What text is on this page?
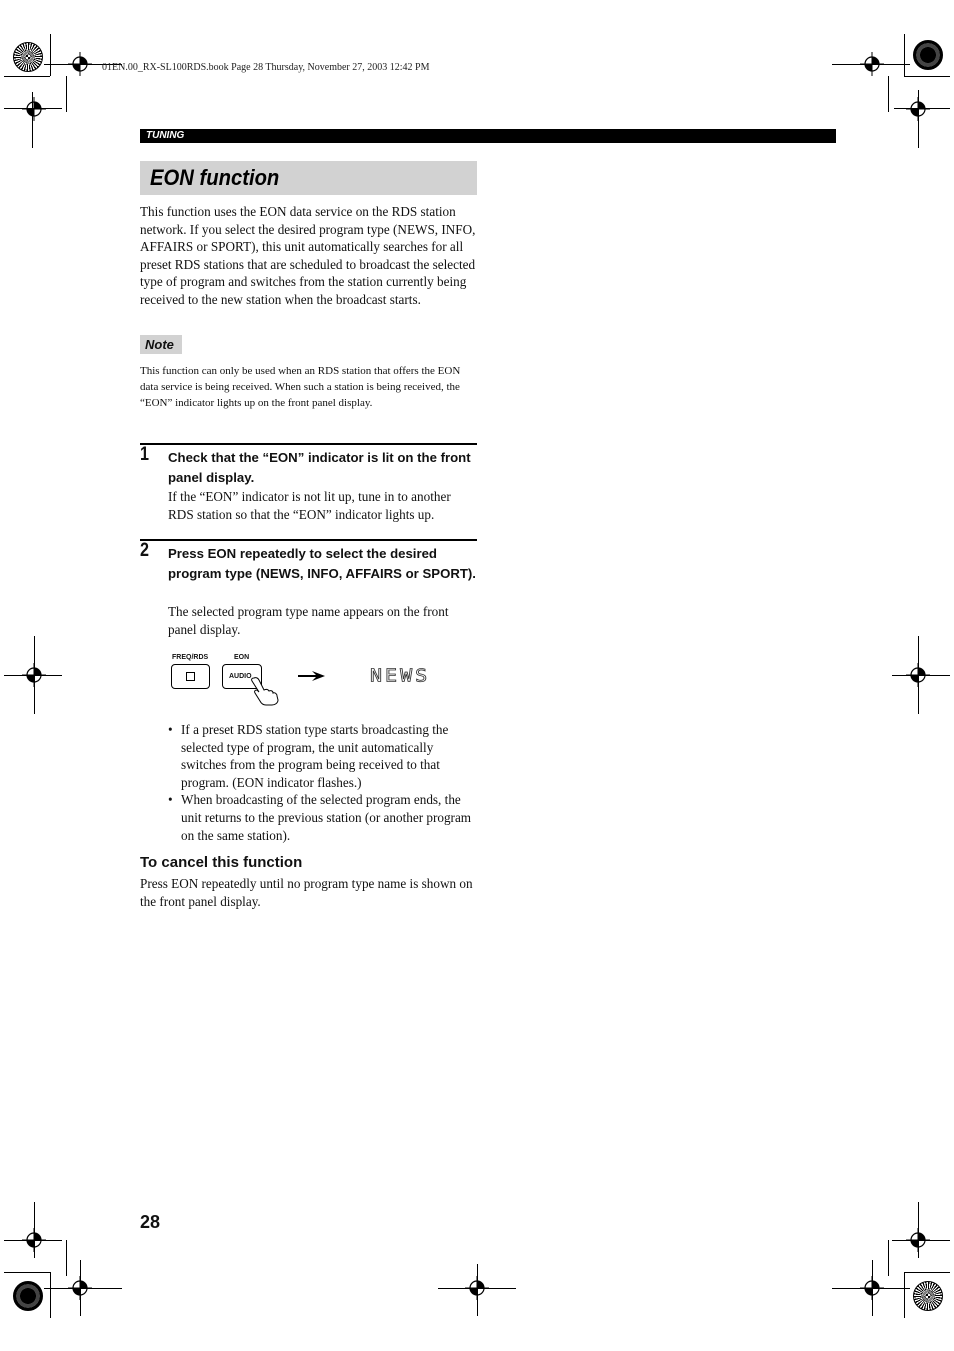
01EN.00_RX-SL100RDS.book Page 28 Thursday, November 27, 2003 12:42 PM
TUNING
EON function
This function uses the EON data service on the RDS station network. If you select the desired program type (NEWS, INFO, AFFAIRS or SPORT), this unit automatically searches for all preset RDS stations that are scheduled to broadcast the selected type of program and switches from the station currently being received to the new station when the broadcast starts.
Note
This function can only be used when an RDS station that offers the EON data service is being received. When such a station is being received, the “EON” indicator lights up on the front panel display.
1 Check that the “EON” indicator is lit on the front panel display.
If the “EON” indicator is not lit up, tune in to another RDS station so that the “EON” indicator lights up.
2 Press EON repeatedly to select the desired program type (NEWS, INFO, AFFAIRS or SPORT).
The selected program type name appears on the front panel display.
FREQ/RDS	EON
AUDIO	NEWS
• If a preset RDS station type starts broadcasting the selected type of program, the unit automatically switches from the program being received to that program. (EON indicator flashes.)
• When broadcasting of the selected program ends, the unit returns to the previous station (or another program on the same station).
To cancel this function
Press EON repeatedly until no program type name is shown on the front panel display.
28
